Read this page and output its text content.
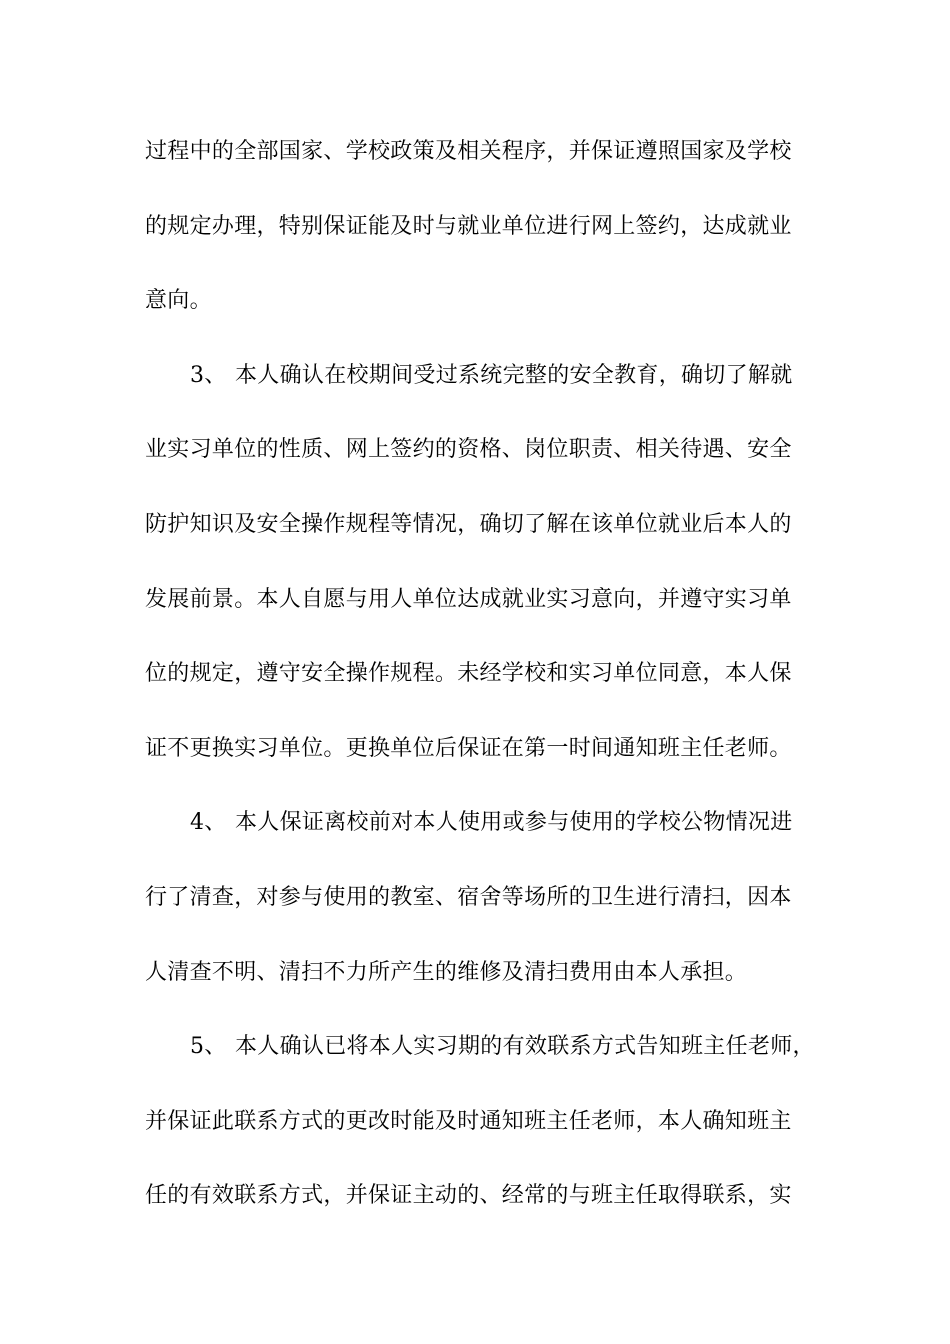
过程中的全部国家、学校政策及相关程序，并保证遵照国家及学校
的规定办理，特别保证能及时与就业单位进行网上签约，达成就业
意向。
3、 本人确认在校期间受过系统完整的安全教育，确切了解就
业实习单位的性质、网上签约的资格、岗位职责、相关待遇、安全
防护知识及安全操作规程等情况，确切了解在该单位就业后本人的
发展前景。本人自愿与用人单位达成就业实习意向，并遵守实习单
位的规定，遵守安全操作规程。未经学校和实习单位同意，本人保
证不更换实习单位。更换单位后保证在第一时间通知班主任老师。
4、 本人保证离校前对本人使用或参与使用的学校公物情况进
行了清查，对参与使用的教室、宿舍等场所的卫生进行清扫，因本
人清查不明、清扫不力所产生的维修及清扫费用由本人承担。
5、 本人确认已将本人实习期的有效联系方式告知班主任老师，
并保证此联系方式的更改时能及时通知班主任老师，本人确知班主
任的有效联系方式，并保证主动的、经常的与班主任取得联系，实
